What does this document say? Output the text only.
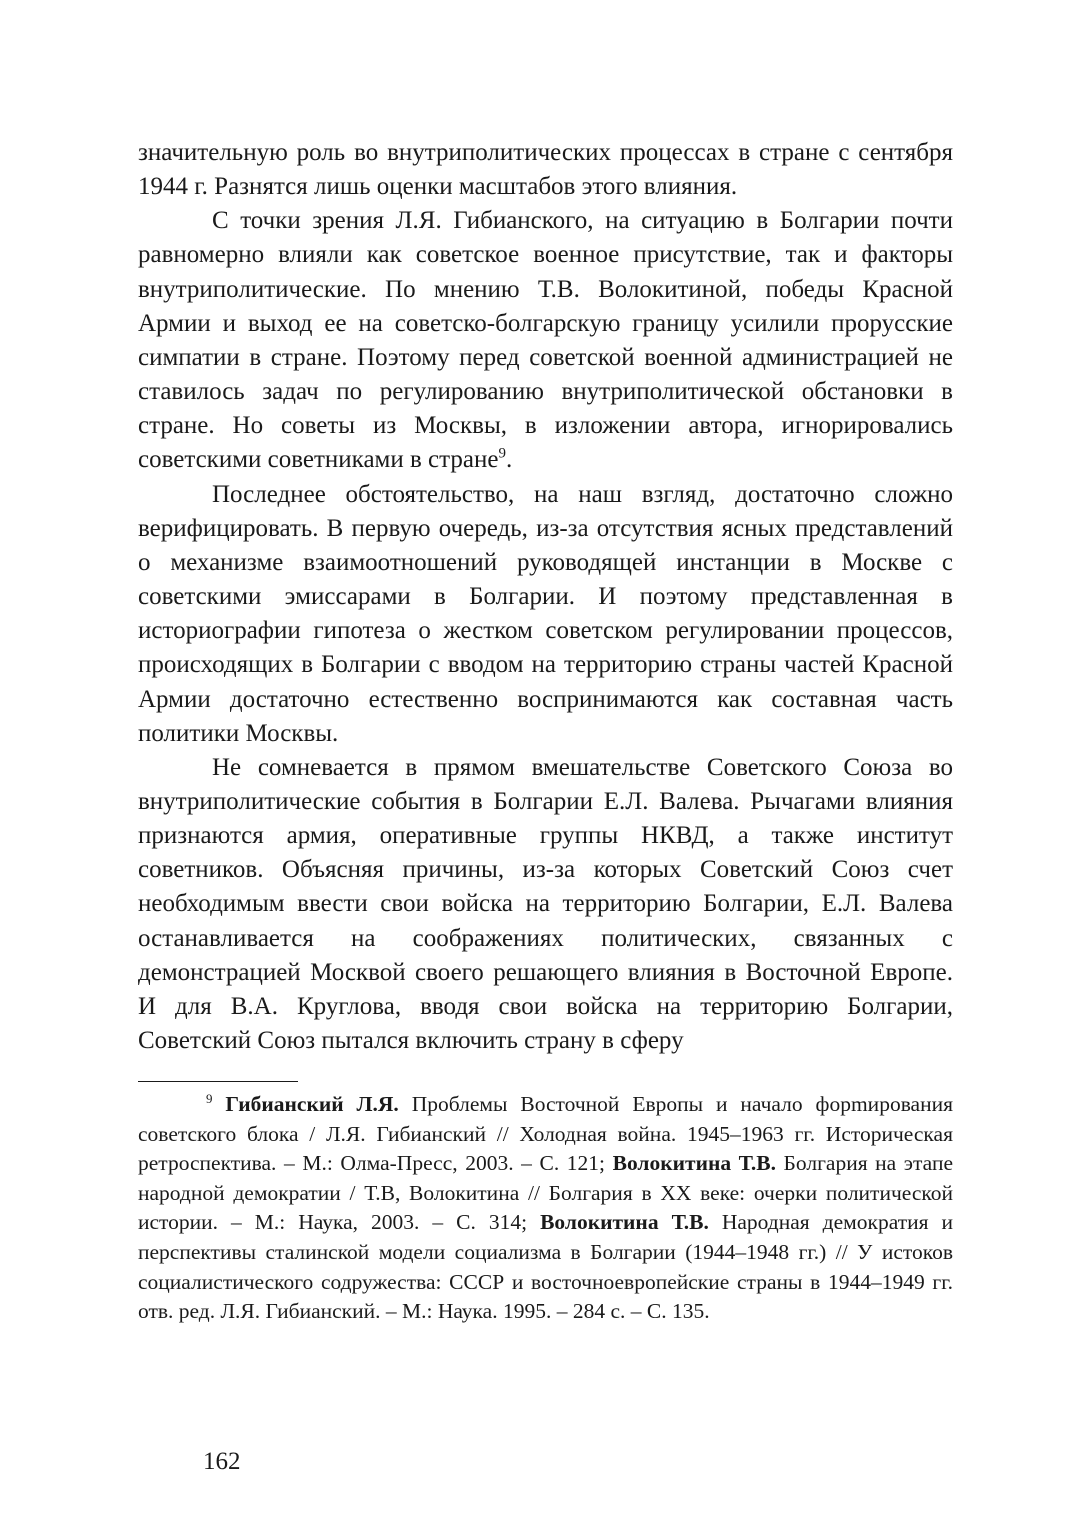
значительную роль во внутриполитических процессах в стране с сентября 1944 г. Разнятся лишь оценки масштабов этого влияния.

С точки зрения Л.Я. Гибианского, на ситуацию в Болгарии почти равномерно влияли как советское военное присутствие, так и факторы внутриполитические. По мнению Т.В. Волокитиной, победы Красной Армии и выход ее на советско-болгарскую границу усилили прорусские симпатии в стране. Поэтому перед советской военной администрацией не ставилось задач по регулированию внутриполитической обстановки в стране. Но советы из Москвы, в изложении автора, игнорировались советскими советниками в стране$^9$.

Последнее обстоятельство, на наш взгляд, достаточно сложно верифицировать. В первую очередь, из-за отсутствия ясных представлений о механизме взаимоотношений руководящей инстанции в Москве с советскими эмиссарами в Болгарии. И поэтому представленная в историографии гипотеза о жестком советском регулировании процессов, происходящих в Болгарии с вводом на территорию страны частей Красной Армии достаточно естественно воспринимаются как составная часть политики Москвы.

Не сомневается в прямом вмешательстве Советского Союза во внутриполитические события в Болгарии Е.Л. Валева. Рычагами влияния признаются армия, оперативные группы НКВД, а также институт советников. Объясняя причины, из-за которых Советский Союз счет необходимым ввести свои войска на территорию Болгарии, Е.Л. Валева останавливается на соображениях политических, связанных с демонстрацией Москвой своего решающего влияния в Восточной Европе. И для В.А. Круглова, вводя свои войска на территорию Болгарии, Советский Союз пытался включить страну в сферу

$^9$ Гибианский Л.Я. Проблемы Восточной Европы и начало форmирования советского блока / Л.Я. Гибианский // Холодная война. 1945–1963 гг. Историческая ретроспектива. – М.: Олма-Пресс, 2003. – С. 121; Волокитина Т.В. Болгария на этапе народной демократии / Т.В, Волокитина // Болгария в XX веке: очерки политической истории. – М.: Наука, 2003. – С. 314; Волокитина Т.В. Народная демократия и перспективы сталинской модели социализма в Болгарии (1944–1948 гг.) // У истоков социалистического содружества: СССР и восточноевропейские страны в 1944–1949 гг. отв. ред. Л.Я. Гибианский. – М.: Наука. 1995. – 284 с. – С. 135.

162
